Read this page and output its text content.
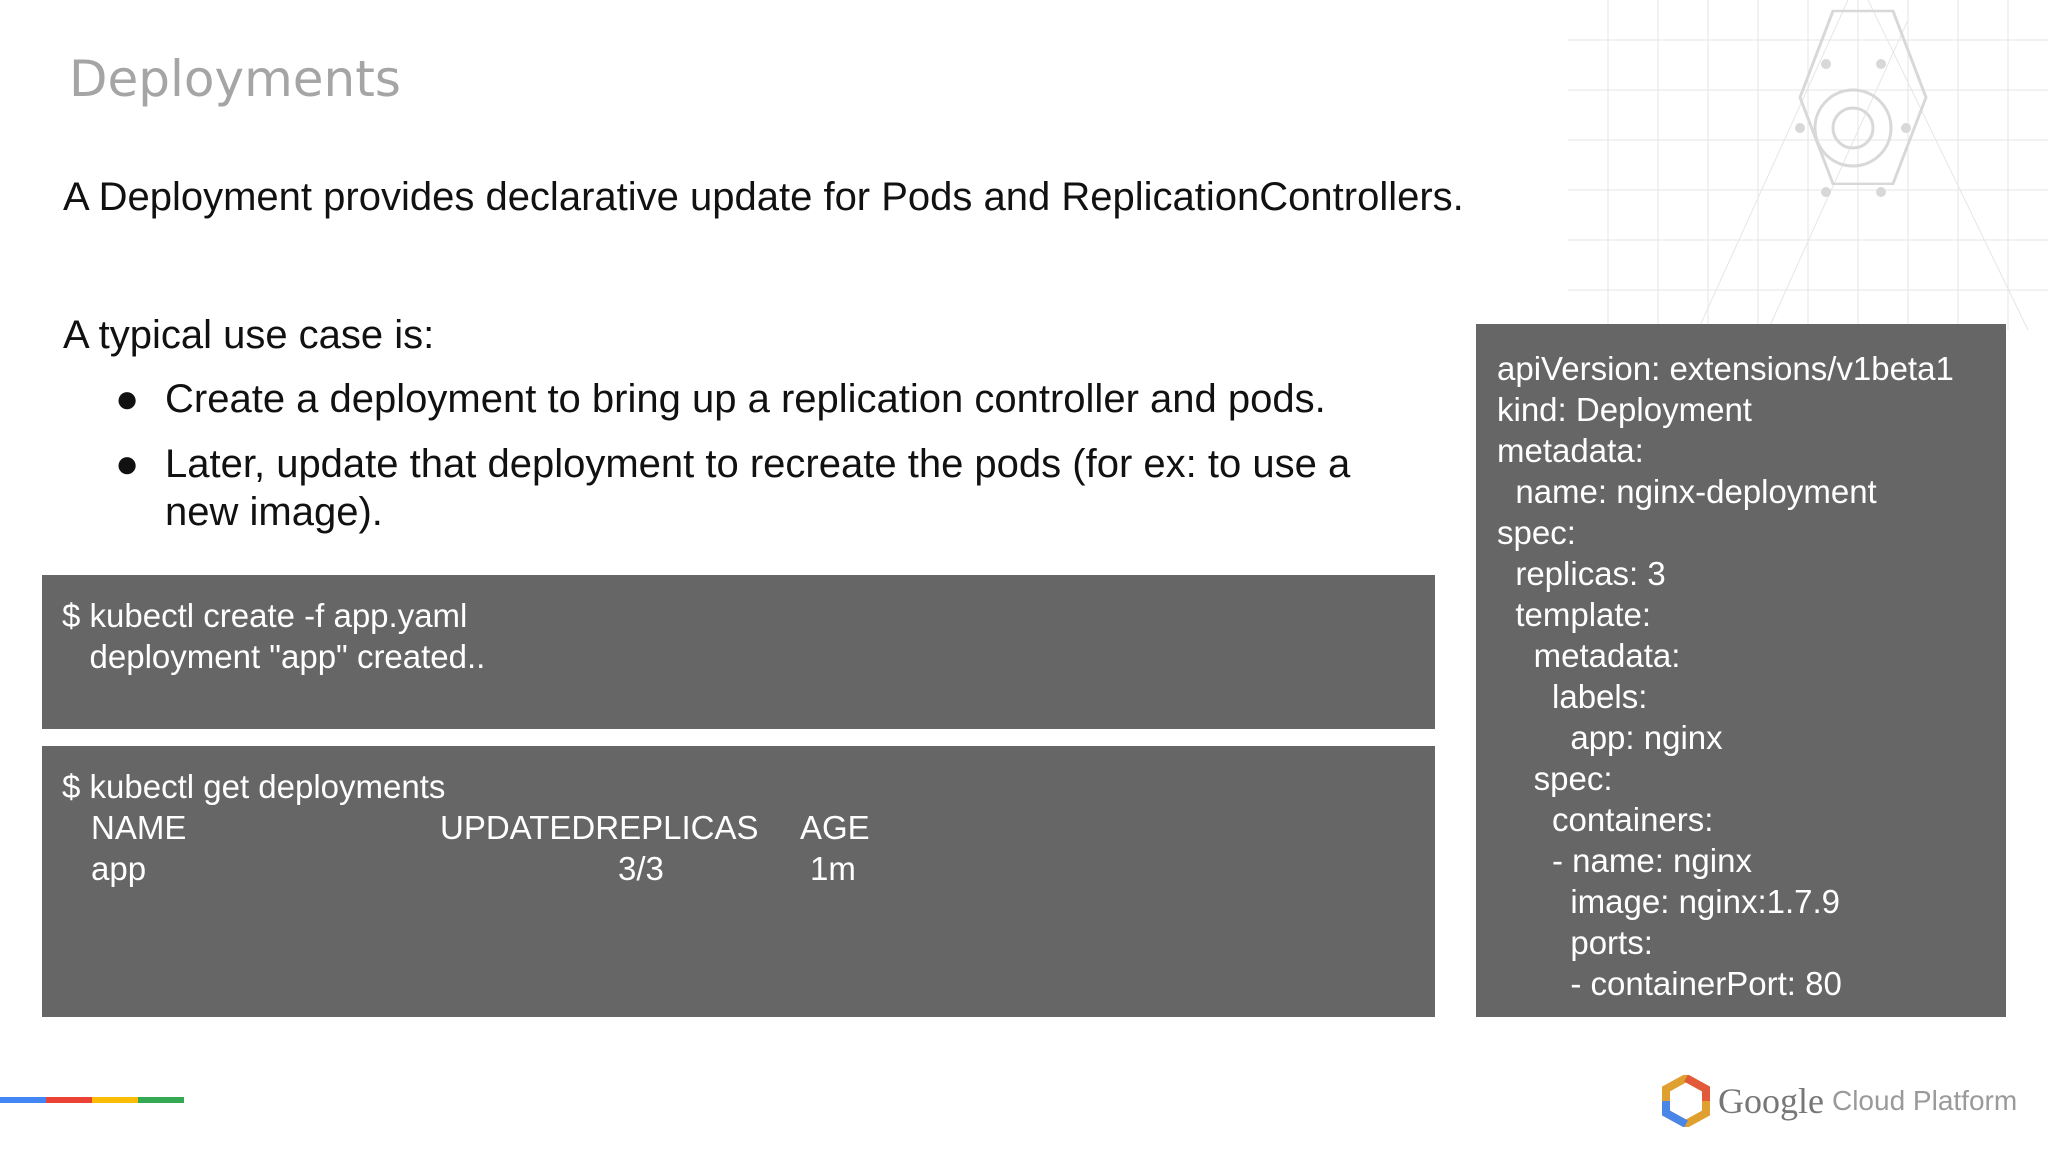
Deployments
A Deployment provides declarative update for Pods and ReplicationControllers.
A typical use case is:
● Create a deployment to bring up a replication controller and pods.
● Later, update that deployment to recreate the pods (for ex: to use a
new image).
$ kubectl create -f app.yaml
deployment "app" created..
$ kubectl get deployments
NAME	UPDATEDREPLICAS AGE
app	3/3	1m
apiVersion: extensions/v1beta1
kind: Deployment
metadata:
name: nginx-deployment
spec:
replicas: 3
template:
metadata:
labels:
app: nginx
spec:
containers:
- name: nginx
image: nginx:1.7.9
ports:
- containerPort: 80
Google Cloud Platform
